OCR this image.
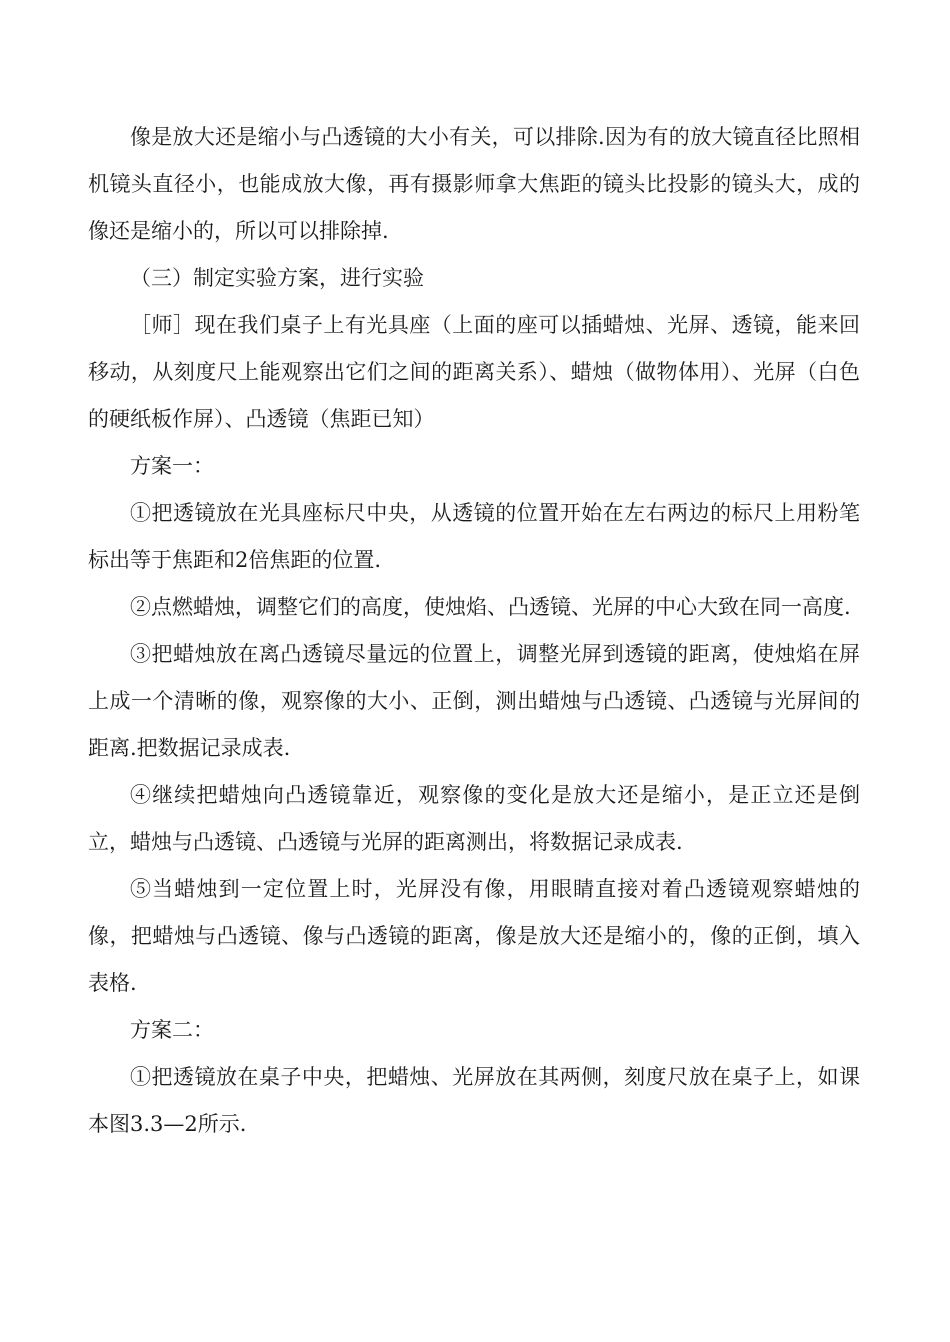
像是放大还是缩小与凸透镜的大小有关，可以排除.因为有的放大镜直径比照相机镜头直径小，也能成放大像，再有摄影师拿大焦距的镜头比投影的镜头大，成的像还是缩小的，所以可以排除掉.

（三）制定实验方案，进行实验

［师］现在我们桌子上有光具座（上面的座可以插蜡烛、光屏、透镜，能来回移动，从刻度尺上能观察出它们之间的距离关系）、蜡烛（做物体用）、光屏（白色的硬纸板作屏）、凸透镜（焦距已知）

方案一：

①把透镜放在光具座标尺中央，从透镜的位置开始在左右两边的标尺上用粉笔标出等于焦距和2倍焦距的位置.

②点燃蜡烛，调整它们的高度，使烛焰、凸透镜、光屏的中心大致在同一高度.

③把蜡烛放在离凸透镜尽量远的位置上，调整光屏到透镜的距离，使烛焰在屏上成一个清晰的像，观察像的大小、正倒，测出蜡烛与凸透镜、凸透镜与光屏间的距离.把数据记录成表.

④继续把蜡烛向凸透镜靠近，观察像的变化是放大还是缩小，是正立还是倒立，蜡烛与凸透镜、凸透镜与光屏的距离测出，将数据记录成表.

⑤当蜡烛到一定位置上时，光屏没有像，用眼睛直接对着凸透镜观察蜡烛的像，把蜡烛与凸透镜、像与凸透镜的距离，像是放大还是缩小的，像的正倒，填入表格.

方案二：

①把透镜放在桌子中央，把蜡烛、光屏放在其两侧，刻度尺放在桌子上，如课本图3.3—2所示.
